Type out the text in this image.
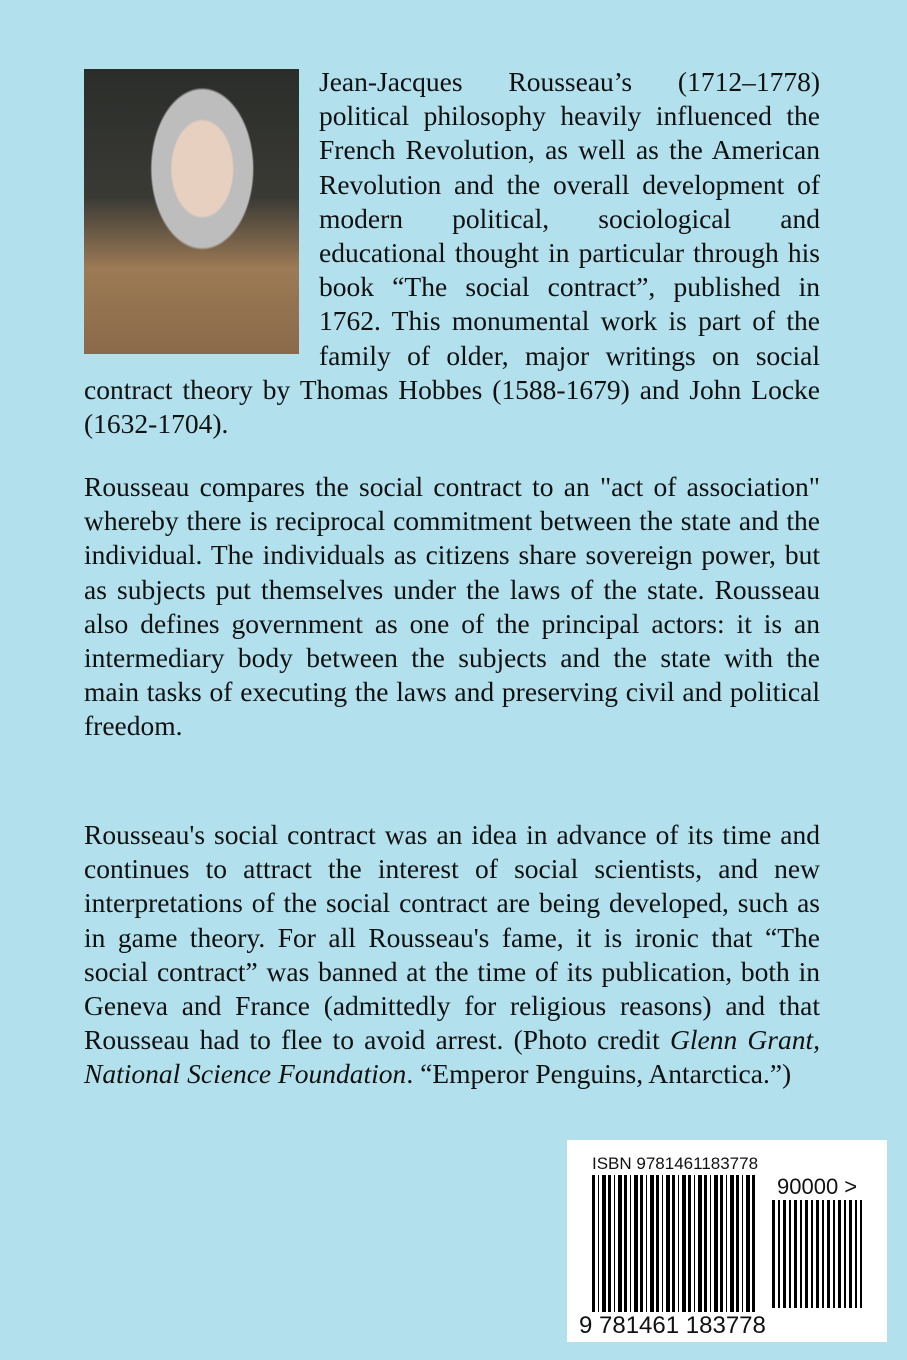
Jean-Jacques Rousseau’s (1712–1778) political philosophy heavily influenced the French Revolution, as well as the American Revolution and the overall development of modern political, sociological and educational thought in particular through his book “The social contract”, published in 1762. This monumental work is part of the family of older, major writings on social contract theory by Thomas Hobbes (1588-1679) and John Locke (1632-1704).
Rousseau compares the social contract to an "act of association" whereby there is reciprocal commitment between the state and the individual. The individuals as citizens share sovereign power, but as subjects put themselves under the laws of the state. Rousseau also defines government as one of the principal actors: it is an intermediary body between the subjects and the state with the main tasks of executing the laws and preserving civil and political freedom.
Rousseau's social contract was an idea in advance of its time and continues to attract the interest of social scientists, and new interpretations of the social contract are being developed, such as in game theory. For all Rousseau's fame, it is ironic that “The social contract” was banned at the time of its publication, both in Geneva and France (admittedly for religious reasons) and that Rousseau had to flee to avoid arrest. (Photo credit Glenn Grant, National Science Foundation. “Emperor Penguins, Antarctica.”)
ISBN 9781461183778
90000 >
9 781461 183778
